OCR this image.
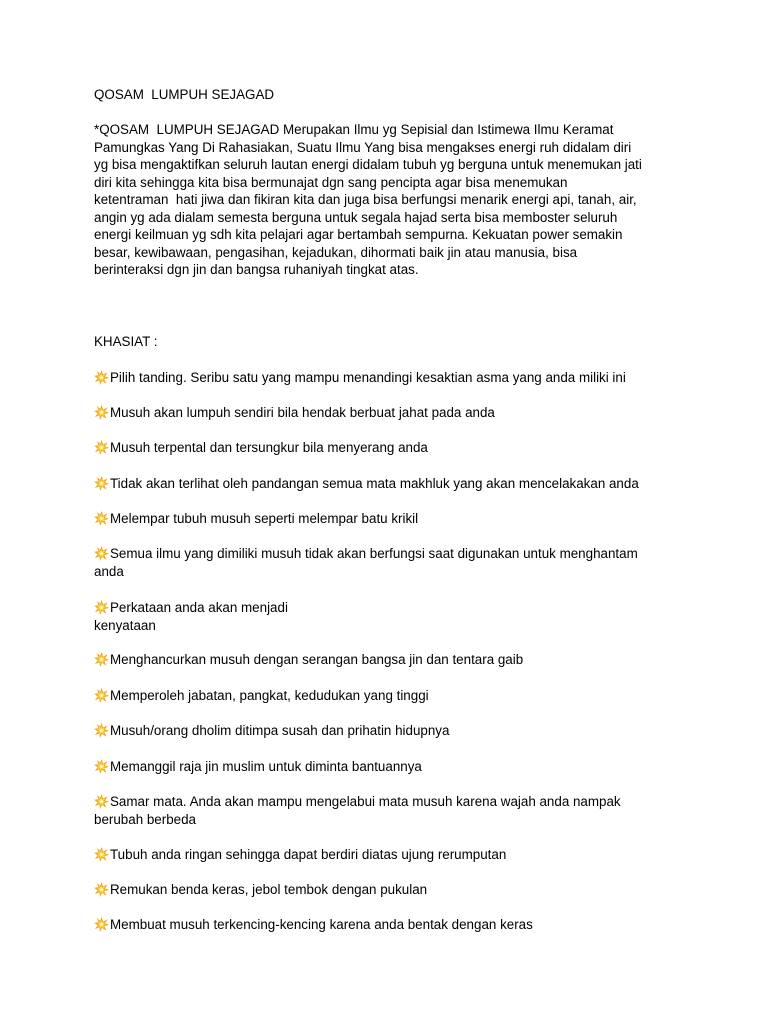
QOSAM  LUMPUH SEJAGAD
*QOSAM  LUMPUH SEJAGAD Merupakan Ilmu yg Sepisial dan Istimewa Ilmu Keramat
Pamungkas Yang Di Rahasiakan, Suatu Ilmu Yang bisa mengakses energi ruh didalam diri
yg bisa mengaktifkan seluruh lautan energi didalam tubuh yg berguna untuk menemukan jati
diri kita sehingga kita bisa bermunajat dgn sang pencipta agar bisa menemukan
ketentraman  hati jiwa dan fikiran kita dan juga bisa berfungsi menarik energi api, tanah, air,
angin yg ada dialam semesta berguna untuk segala hajad serta bisa memboster seluruh
energi keilmuan yg sdh kita pelajari agar bertambah sempurna. Kekuatan power semakin
besar, kewibawaan, pengasihan, kejadukan, dihormati baik jin atau manusia, bisa
berinteraksi dgn jin dan bangsa ruhaniyah tingkat atas.
KHASIAT :
Pilih tanding. Seribu satu yang mampu menandingi kesaktian asma yang anda miliki ini
Musuh akan lumpuh sendiri bila hendak berbuat jahat pada anda
Musuh terpental dan tersungkur bila menyerang anda
Tidak akan terlihat oleh pandangan semua mata makhluk yang akan mencelakakan anda
Melempar tubuh musuh seperti melempar batu krikil
Semua ilmu yang dimiliki musuh tidak akan berfungsi saat digunakan untuk menghantam
anda
Perkataan anda akan menjadi
kenyataan
Menghancurkan musuh dengan serangan bangsa jin dan tentara gaib
Memperoleh jabatan, pangkat, kedudukan yang tinggi
Musuh/orang dholim ditimpa susah dan prihatin hidupnya
Memanggil raja jin muslim untuk diminta bantuannya
Samar mata. Anda akan mampu mengelabui mata musuh karena wajah anda nampak
berubah berbeda
Tubuh anda ringan sehingga dapat berdiri diatas ujung rerumputan
Remukan benda keras, jebol tembok dengan pukulan
Membuat musuh terkencing-kencing karena anda bentak dengan keras
